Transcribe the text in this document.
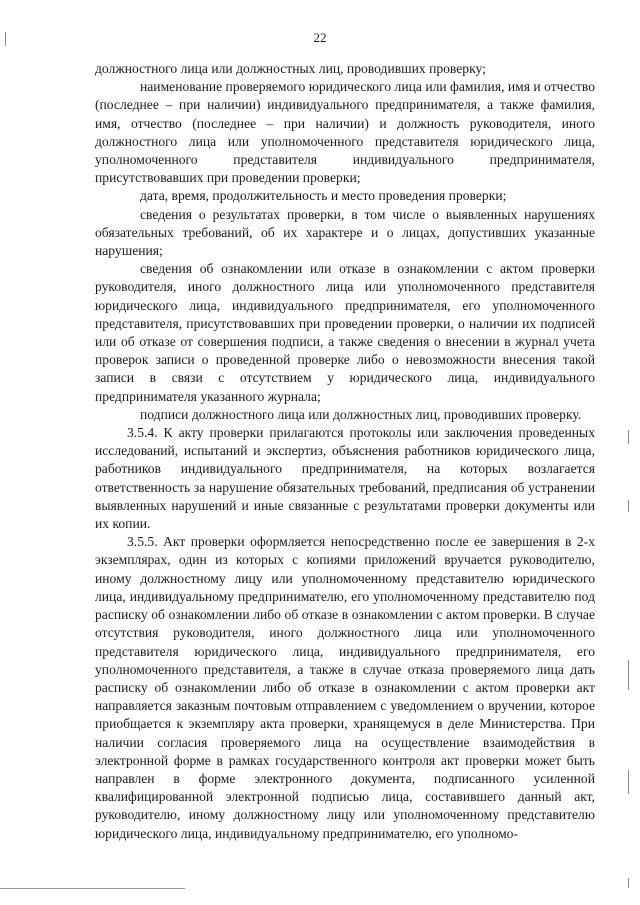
22

должностного лица или должностных лиц, проводивших проверку;

наименование проверяемого юридического лица или фамилия, имя и отчество (последнее – при наличии) индивидуального предпринимателя, а также фамилия, имя, отчество (последнее – при наличии) и должность руководителя, иного должностного лица или уполномоченного представителя юридического лица, уполномоченного представителя индивидуального предпринимателя, присутствовавших при проведении проверки;

дата, время, продолжительность и место проведения проверки;

сведения о результатах проверки, в том числе о выявленных нарушениях обязательных требований, об их характере и о лицах, допустивших указанные нарушения;

сведения об ознакомлении или отказе в ознакомлении с актом проверки руководителя, иного должностного лица или уполномоченного представителя юридического лица, индивидуального предпринимателя, его уполномоченного представителя, присутствовавших при проведении проверки, о наличии их подписей или об отказе от совершения подписи, а также сведения о внесении в журнал учета проверок записи о проведенной проверке либо о невозможности внесения такой записи в связи с отсутствием у юридического лица, индивидуального предпринимателя указанного журнала;

подписи должностного лица или должностных лиц, проводивших проверку.

3.5.4. К акту проверки прилагаются протоколы или заключения проведенных исследований, испытаний и экспертиз, объяснения работников юридического лица, работников индивидуального предпринимателя, на которых возлагается ответственность за нарушение обязательных требований, предписания об устранении выявленных нарушений и иные связанные с результатами проверки документы или их копии.

3.5.5. Акт проверки оформляется непосредственно после ее завершения в 2-х экземплярах, один из которых с копиями приложений вручается руководителю, иному должностному лицу или уполномоченному представителю юридического лица, индивидуальному предпринимателю, его уполномоченному представителю под расписку об ознакомлении либо об отказе в ознакомлении с актом проверки. В случае отсутствия руководителя, иного должностного лица или уполномоченного представителя юридического лица, индивидуального предпринимателя, его уполномоченного представителя, а также в случае отказа проверяемого лица дать расписку об ознакомлении либо об отказе в ознакомлении с актом проверки акт направляется заказным почтовым отправлением с уведомлением о вручении, которое приобщается к экземпляру акта проверки, хранящемуся в деле Министерства. При наличии согласия проверяемого лица на осуществление взаимодействия в электронной форме в рамках государственного контроля акт проверки может быть направлен в форме электронного документа, подписанного усиленной квалифицированной электронной подписью лица, составившего данный акт, руководителю, иному должностному лицу или уполномоченному представителю юридического лица, индивидуальному предпринимателю, его уполномо-
